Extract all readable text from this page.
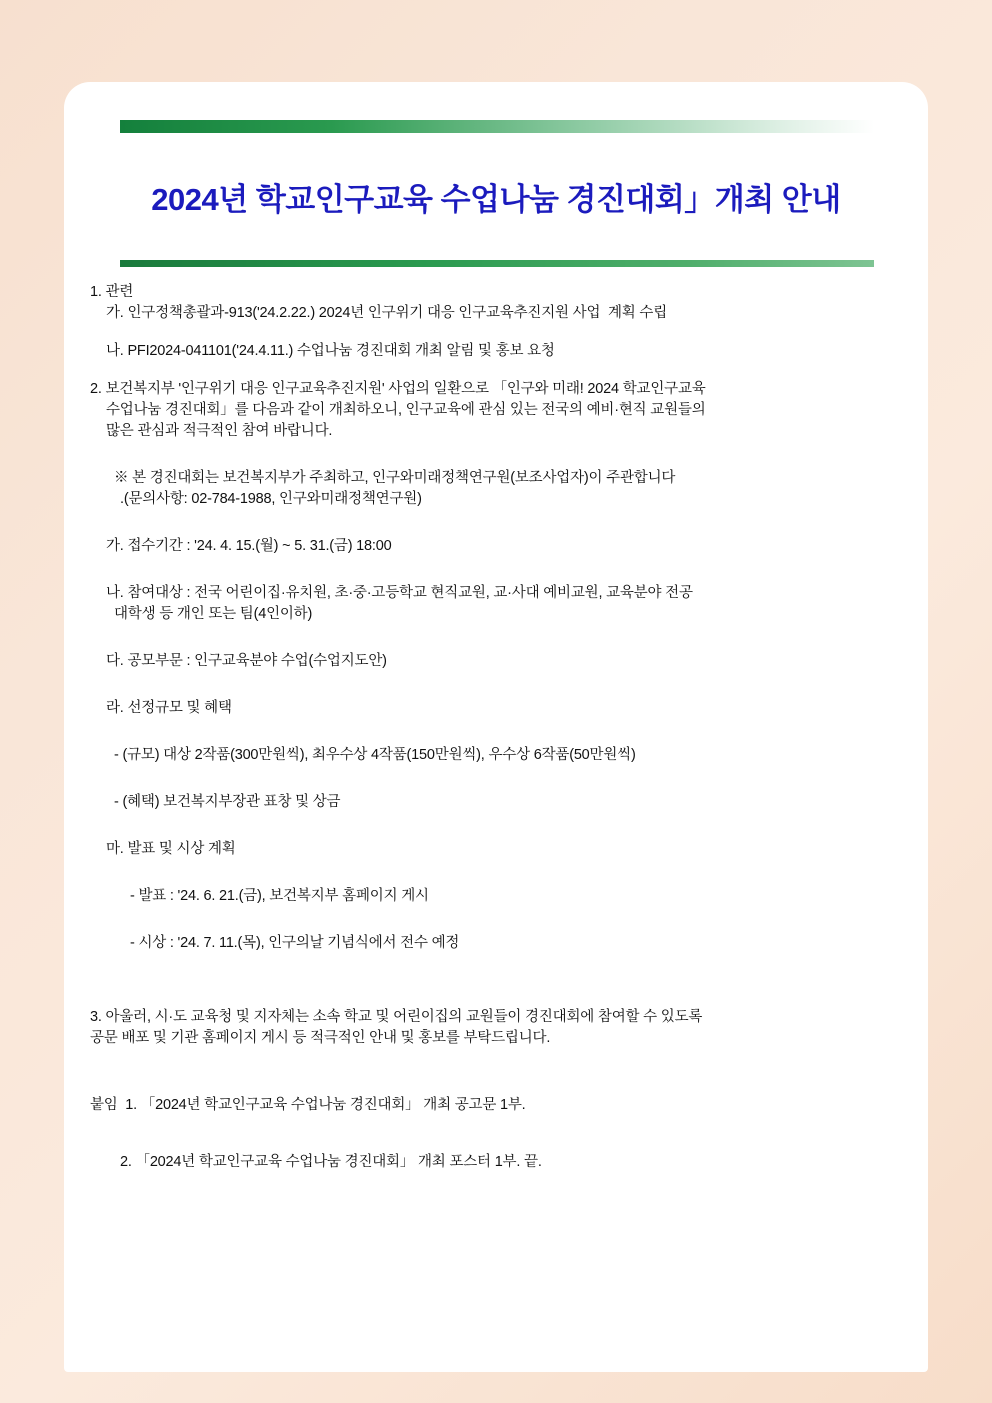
2024년 학교인구교육 수업나눔 경진대회」개최 안내
1. 관련
가. 인구정책총괄과-913('24.2.22.) 2024년 인구위기 대응 인구교육추진지원 사업  계획 수립
나. PFI2024-041101('24.4.11.) 수업나눔 경진대회 개최 알림 및 홍보 요청
2. 보건복지부 '인구위기 대응 인구교육추진지원' 사업의 일환으로 「인구와 미래! 2024 학교인구교육
수업나눔 경진대회」를 다음과 같이 개최하오니, 인구교육에 관심 있는 전국의 예비·현직 교원들의
많은 관심과 적극적인 참여 바랍니다.
※ 본 경진대회는 보건복지부가 주최하고, 인구와미래정책연구원(보조사업자)이 주관합니다
.(문의사항: 02-784-1988, 인구와미래정책연구원)
가. 접수기간 : '24. 4. 15.(월) ~ 5. 31.(금) 18:00
나. 참여대상 : 전국 어린이집·유치원, 초·중·고등학교 현직교원, 교·사대 예비교원, 교육분야 전공
대학생 등 개인 또는 팀(4인이하)
다. 공모부문 : 인구교육분야 수업(수업지도안)
라. 선정규모 및 혜택
- (규모) 대상 2작품(300만원씩), 최우수상 4작품(150만원씩), 우수상 6작품(50만원씩)
- (혜택) 보건복지부장관 표창 및 상금
마. 발표 및 시상 계획
- 발표 : '24. 6. 21.(금), 보건복지부 홈페이지 게시
- 시상 : '24. 7. 11.(목), 인구의날 기념식에서 전수 예정
3. 아울러, 시·도 교육청 및 지자체는 소속 학교 및 어린이집의 교원들이 경진대회에 참여할 수 있도록
공문 배포 및 기관 홈페이지 게시 등 적극적인 안내 및 홍보를 부탁드립니다.
붙임  1. 「2024년 학교인구교육 수업나눔 경진대회」 개최 공고문 1부.
2. 「2024년 학교인구교육 수업나눔 경진대회」 개최 포스터 1부. 끝.
